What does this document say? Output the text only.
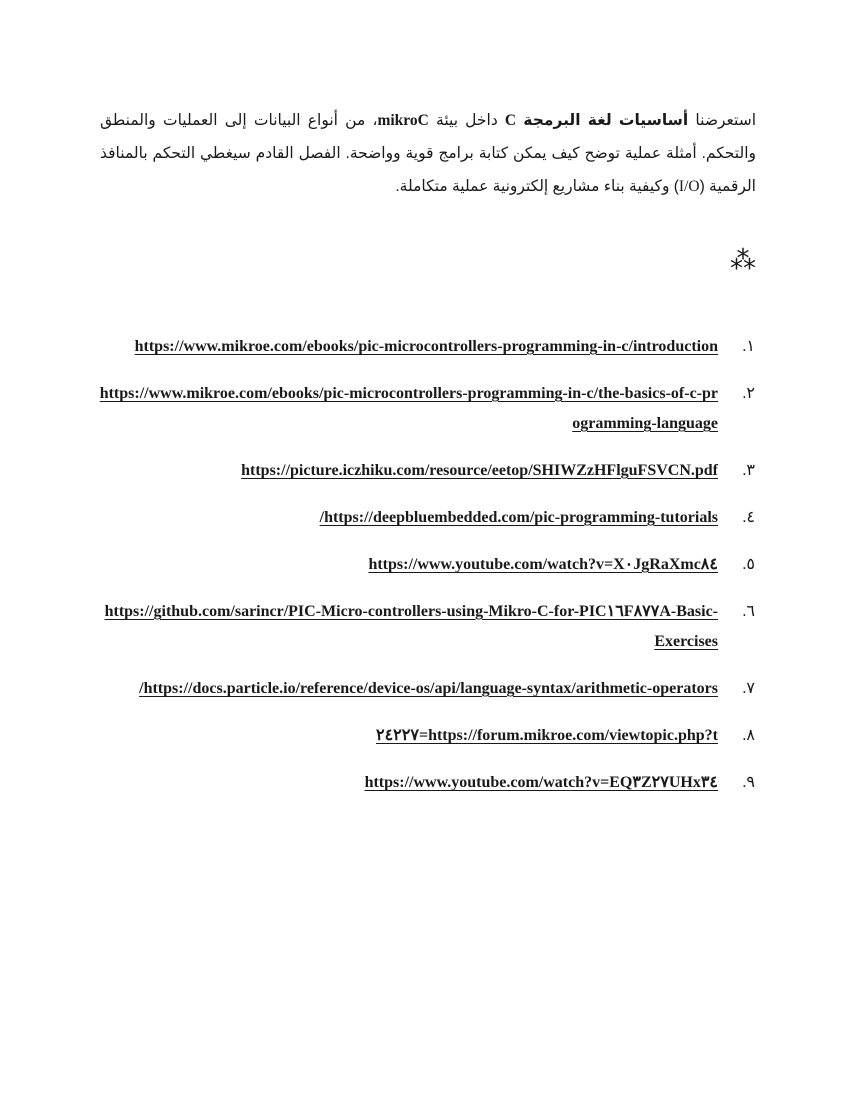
استعرضنا أساسيات لغة البرمجة C داخل بيئة mikroC، من أنواع البيانات إلى العمليات والمنطق والتحكم. أمثلة عملية توضح كيف يمكن كتابة برامج قوية وواضحة. الفصل القادم سيغطي التحكم بالمنافذ الرقمية (I/O) وكيفية بناء مشاريع إلكترونية عملية متكاملة.

⁂
١.
https://www.mikroe.com/ebooks/pic-microcontrollers-programming-in-c/introduction
٢.
https://www.mikroe.com/ebooks/pic-microcontrollers-programming-in-c/the-basics-of-c-programming-language
٣.
https://picture.iczhiku.com/resource/eetop/SHIWZzHFlguFSVCN.pdf
٤.
https://deepbluembedded.com/pic-programming-tutorials/
٥.
https://www.youtube.com/watch?v=X٠JgRaXmc٨٤
٦.
https://github.com/sarincr/PIC-Micro-controllers-using-Mikro-C-for-PIC١٦F٨٧٧A-Basic-Exercises
٧.
https://docs.particle.io/reference/device-os/api/language-syntax/arithmetic-operators/
٨.
https://forum.mikroe.com/viewtopic.php?t=٢٤٢٢٧
٩.
https://www.youtube.com/watch?v=EQ٣Z٢٧UHx٣٤
